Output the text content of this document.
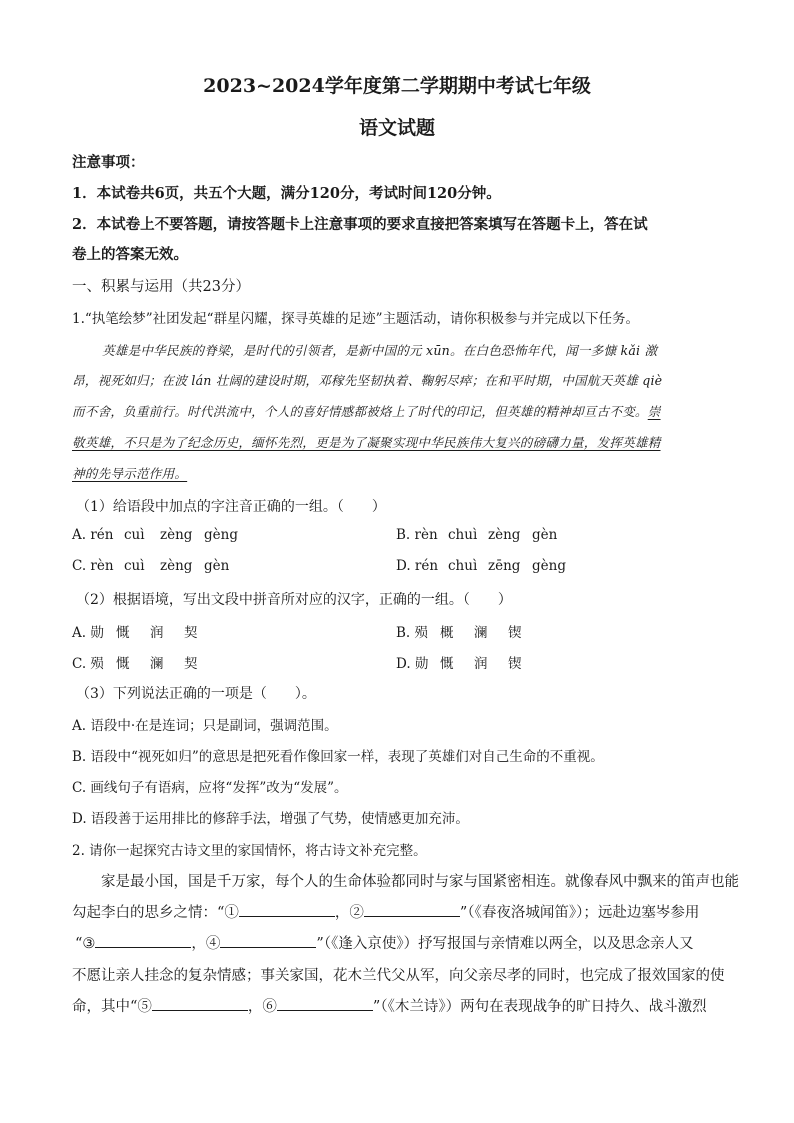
2023~2024学年度第二学期期中考试七年级
语文试题
注意事项：
1．本试卷共6页，共五个大题，满分120分，考试时间120分钟。
2．本试卷上不要答题，请按答题卡上注意事项的要求直接把答案填写在答题卡上，答在试
卷上的答案无效。
一、积累与运用（共23分）
1.“执笔绘梦”社团发起“群星闪耀，探寻英雄的足迹”主题活动，请你积极参与并完成以下任务。
英雄是中华民族的脊梁，是时代的引领者，是新中国的元 xūn。在白色恐怖年代，闻一多慷 kǎi 激
昂，视死如归；在波 lán 壮阔的建设时期，邓稼先坚韧执着、鞠躬尽瘁；在和平时期，中国航天英雄 qiè
而不舍，负重前行。时代洪流中，个人的喜好情感都被烙上了时代的印记，但英雄的精神却亘古不变。崇
敬英雄，不只是为了纪念历史，缅怀先烈，更是为了凝聚实现中华民族伟大复兴的磅礴力量，发挥英雄精
神的先导示范作用。
（1）给语段中加点的字注音正确的一组。（　　）
A. rén cuì zèng gèng	B. rèn chuì zèng gèn
C. rèn cuì zèng gèn	D. rén chuì zēng gèng
（2）根据语境，写出文段中拼音所对应的汉字，正确的一组。（　　）
A. 勋 慨 润 契	B. 殒 概 澜 锲
C. 殒 慨 澜 契	D. 勋 慨 润 锲
（3）下列说法正确的一项是（　　）。
A. 语段中·在是连词；只是副词，强调范围。
B. 语段中“视死如归”的意思是把死看作像回家一样，表现了英雄们对自己生命的不重视。
C. 画线句子有语病，应将“发挥”改为“发展”。
D. 语段善于运用排比的修辞手法，增强了气势，使情感更加充沛。
2. 请你一起探究古诗文里的家国情怀，将古诗文补充完整。
家是最小国，国是千万家，每个人的生命体验都同时与家与国紧密相连。就像春风中飘来的笛声也能
勾起李白的思乡之情：“①	，②	”（《春夜洛城闻笛》）；远赴边塞岑参用
“③	，④	”（《逢入京使》）抒写报国与亲情难以两全，以及思念亲人又
不愿让亲人挂念的复杂情感；事关家国，花木兰代父从军，向父亲尽孝的同时，也完成了报效国家的使
命，其中“⑤	，⑥	”（《木兰诗》）两句在表现战争的旷日持久、战斗激烈
